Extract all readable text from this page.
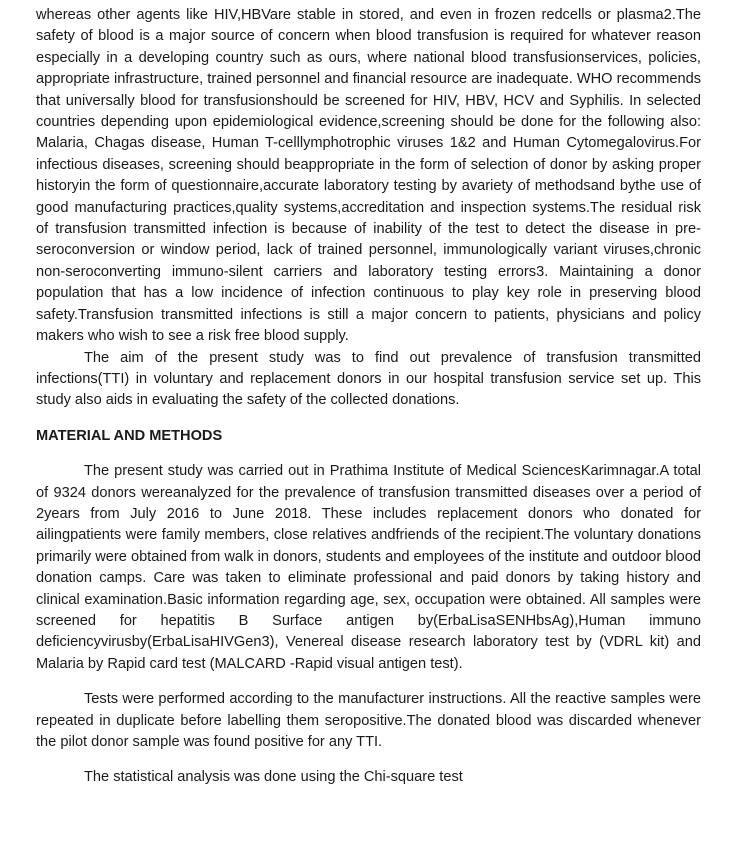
whereas other agents like HIV,HBVare stable in stored, and even in frozen redcells or plasma2.The safety of blood is a major source of concern when blood transfusion is required for whatever reason especially in a developing country such as ours, where national blood transfusionservices, policies, appropriate infrastructure, trained personnel and financial resource are inadequate. WHO recommends that universally blood for transfusionshould be screened for HIV, HBV, HCV and Syphilis. In selected countries depending upon epidemiological evidence,screening should be done for the following also: Malaria, Chagas disease, Human T-celllymphotrophic viruses 1&2 and Human Cytomegalovirus.For infectious diseases, screening should beappropriate in the form of selection of donor by asking proper historyin the form of questionnaire,accurate laboratory testing by avariety of methodsand bythe use of good manufacturing practices,quality systems,accreditation and inspection systems.The residual risk of transfusion transmitted infection is because of inability of the test to detect the disease in pre-seroconversion or window period, lack of trained personnel, immunologically variant viruses,chronic non-seroconverting immuno-silent carriers and laboratory testing errors3. Maintaining a donor population that has a low incidence of infection continuous to play key role in preserving blood safety.Transfusion transmitted infections is still a major concern to patients, physicians and policy makers who wish to see a risk free blood supply.

The aim of the present study was to find out prevalence of transfusion transmitted infections(TTI) in voluntary and replacement donors in our hospital transfusion service set up. This study also aids in evaluating the safety of the collected donations.

MATERIAL AND METHODS

The present study was carried out in Prathima Institute of Medical SciencesKarimnagar.A total of 9324 donors wereanalyzed for the prevalence of transfusion transmitted diseases over a period of 2years from July 2016 to June 2018. These includes replacement donors who donated for ailingpatients were family members, close relatives andfriends of the recipient.The voluntary donations primarily were obtained from walk in donors, students and employees of the institute and outdoor blood donation camps. Care was taken to eliminate professional and paid donors by taking history and clinical examination.Basic information regarding age, sex, occupation were obtained. All samples were screened for hepatitis B Surface antigen by(ErbaLisaSENHbsAg),Human immuno deficiencyvirusby(ErbaLisaHIVGen3), Venereal disease research laboratory test by (VDRL kit) and Malaria by Rapid card test (MALCARD -Rapid visual antigen test).

Tests were performed according to the manufacturer instructions. All the reactive samples were repeated in duplicate before labelling them seropositive.The donated blood was discarded whenever the pilot donor sample was found positive for any TTI.

The statistical analysis was done using the Chi-square test
